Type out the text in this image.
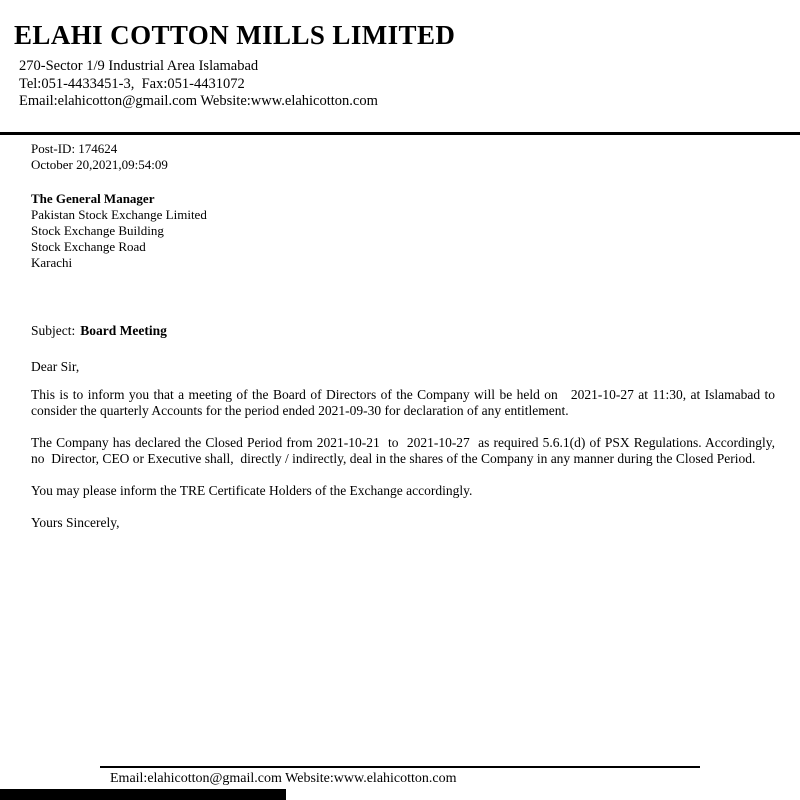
ELAHI COTTON MILLS LIMITED
270-Sector 1/9 Industrial Area Islamabad
Tel:051-4433451-3,  Fax:051-4431072
Email:elahicotton@gmail.com Website:www.elahicotton.com
Post-ID: 174624
October 20,2021,09:54:09
The General Manager
Pakistan Stock Exchange Limited
Stock Exchange Building
Stock Exchange Road
Karachi
Subject: Board Meeting

Dear Sir,

This is to inform you that a meeting of the Board of Directors of the Company will be held on   2021-10-27 at 11:30, at Islamabad to consider the quarterly Accounts for the period ended 2021-09-30 for declaration of any entitlement.

The Company has declared the Closed Period from 2021-10-21  to  2021-10-27  as required 5.6.1(d) of PSX Regulations. Accordingly, no  Director, CEO or Executive shall,  directly / indirectly, deal in the shares of the Company in any manner during the Closed Period.

You may please inform the TRE Certificate Holders of the Exchange accordingly.

Yours Sincerely,

Email:elahicotton@gmail.com Website:www.elahicotton.com
